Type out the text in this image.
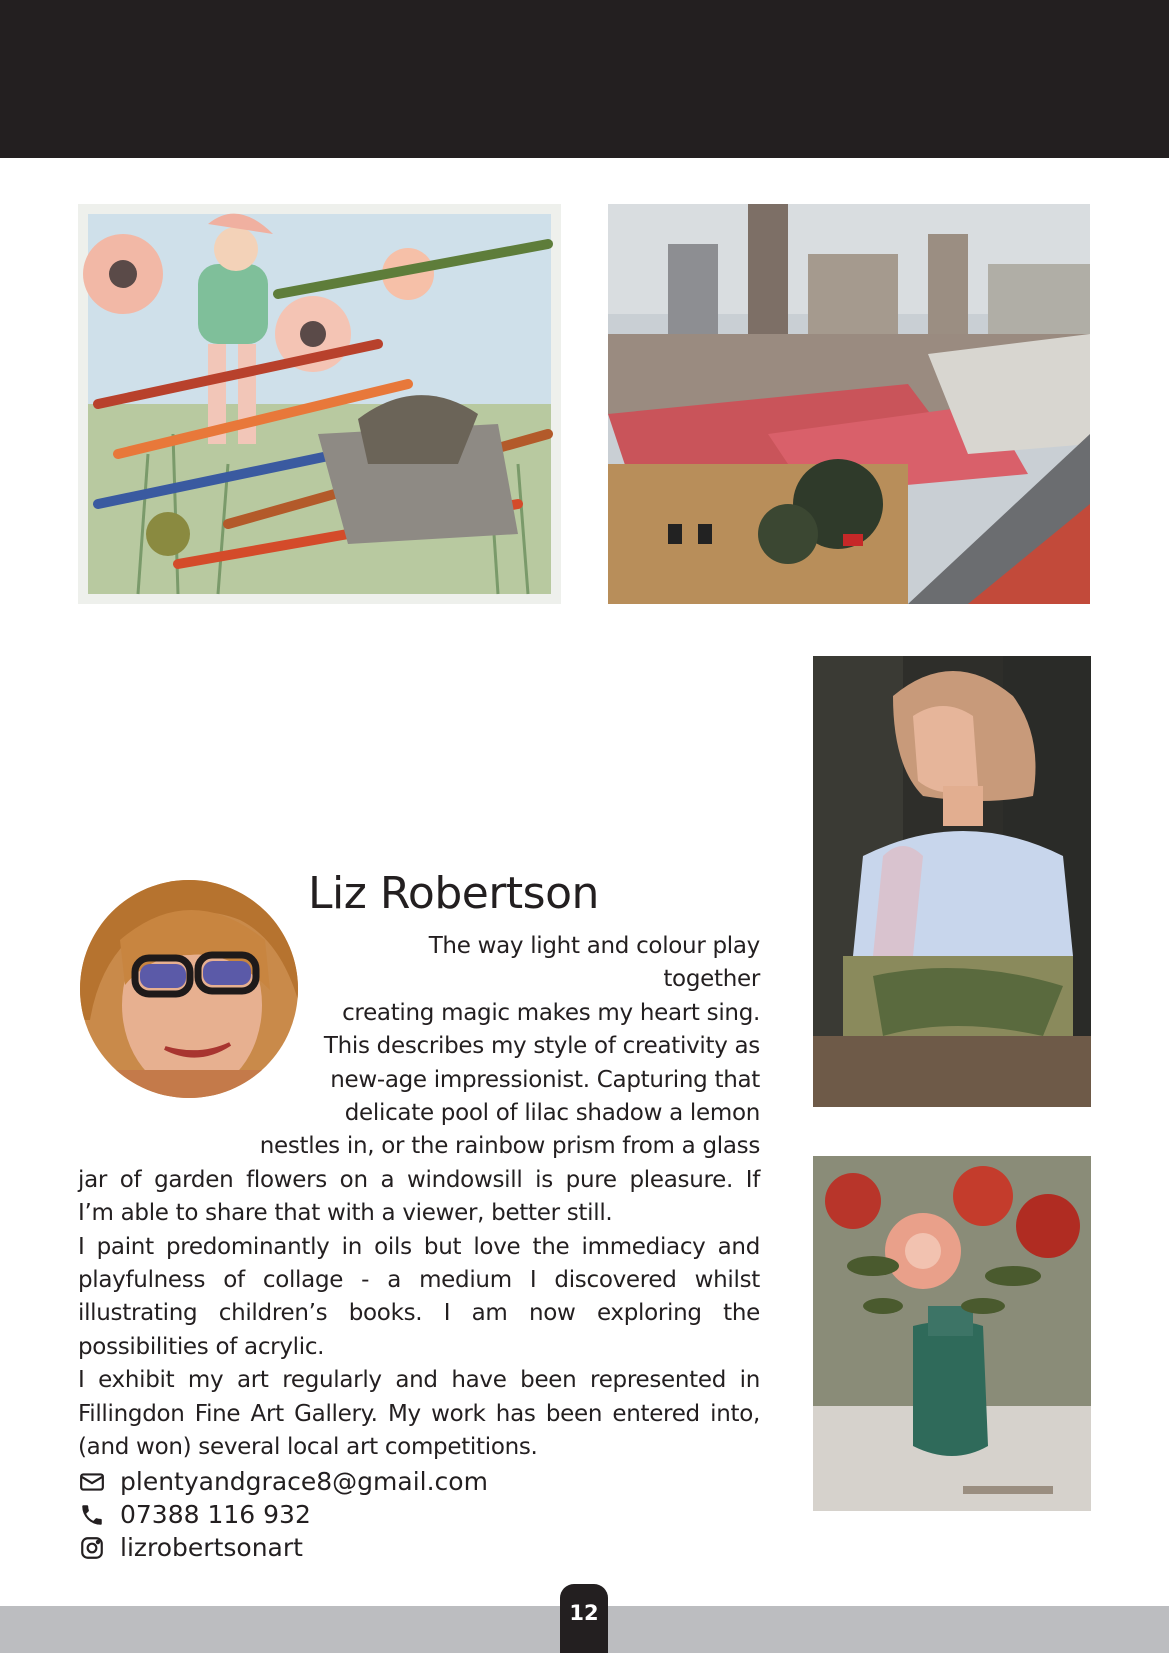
Liz Robertson
The way light and colour play together
creating magic makes my heart sing.
This describes my style of creativity as
new-age impressionist. Capturing that
delicate pool of lilac shadow a lemon
nestles in, or the rainbow prism from a glass
jar of garden flowers on a windowsill is pure pleasure. If
I’m able to share that with a viewer, better still.

I paint predominantly in oils but love the immediacy and playfulness of collage - a medium I discovered whilst illustrating children’s books. I am now exploring the possibilities of acrylic.

I exhibit my art regularly and have been represented in Fillingdon Fine Art Gallery. My work has been entered into, (and won) several local art competitions.

plentyandgrace8@gmail.com
07388 116 932
lizrobertsonart
12
